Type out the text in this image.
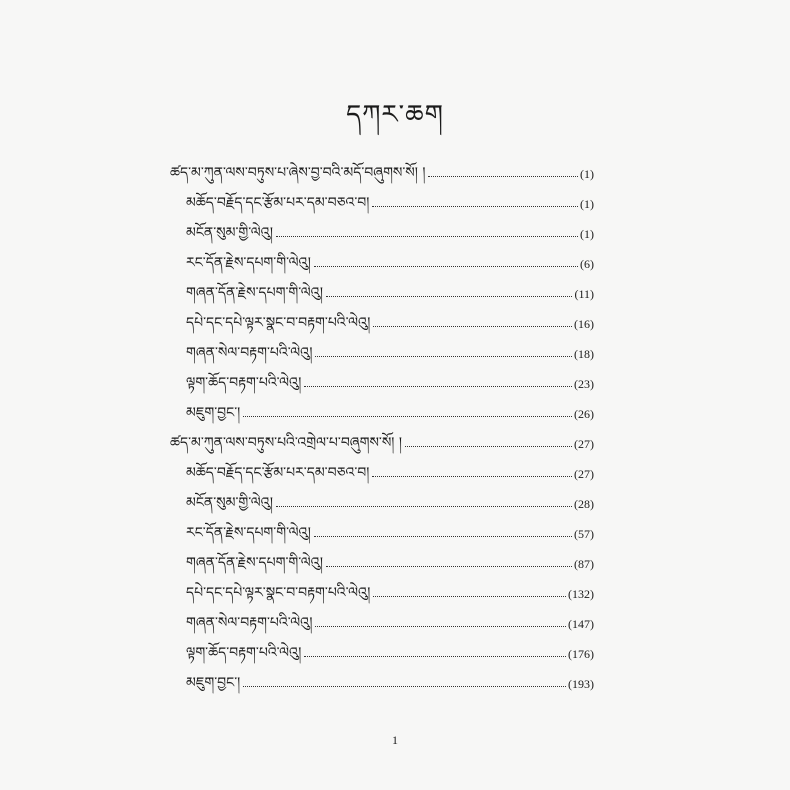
དཀར་ཆག
ཚད་མ་ཀུན་ལས་བཏུས་པ་ཞེས་བྱ་བའི་མདོ་བཞུགས་སོ། །	(1)
མཆོད་བརྗོད་དང་རྩོམ་པར་དམ་བཅའ་བ།	(1)
མངོན་སུམ་གྱི་ལེའུ།	(1)
རང་དོན་རྗེས་དཔག་གི་ལེའུ།	(6)
གཞན་དོན་རྗེས་དཔག་གི་ལེའུ།	(11)
དཔེ་དང་དཔེ་ལྟར་སྣང་བ་བརྟག་པའི་ལེའུ།	(16)
གཞན་སེལ་བརྟག་པའི་ལེའུ།	(18)
ལྟག་ཆོད་བརྟག་པའི་ལེའུ།	(23)
མཇུག་བྱང་།	(26)
ཚད་མ་ཀུན་ལས་བཏུས་པའི་འགྲེལ་པ་བཞུགས་སོ། །	(27)
མཆོད་བརྗོད་དང་རྩོམ་པར་དམ་བཅའ་བ།	(27)
མངོན་སུམ་གྱི་ལེའུ།	(28)
རང་དོན་རྗེས་དཔག་གི་ལེའུ།	(57)
གཞན་དོན་རྗེས་དཔག་གི་ལེའུ།	(87)
དཔེ་དང་དཔེ་ལྟར་སྣང་བ་བརྟག་པའི་ལེའུ།	(132)
གཞན་སེལ་བརྟག་པའི་ལེའུ།	(147)
ལྟག་ཆོད་བརྟག་པའི་ལེའུ།	(176)
མཇུག་བྱང་།	(193)
1
